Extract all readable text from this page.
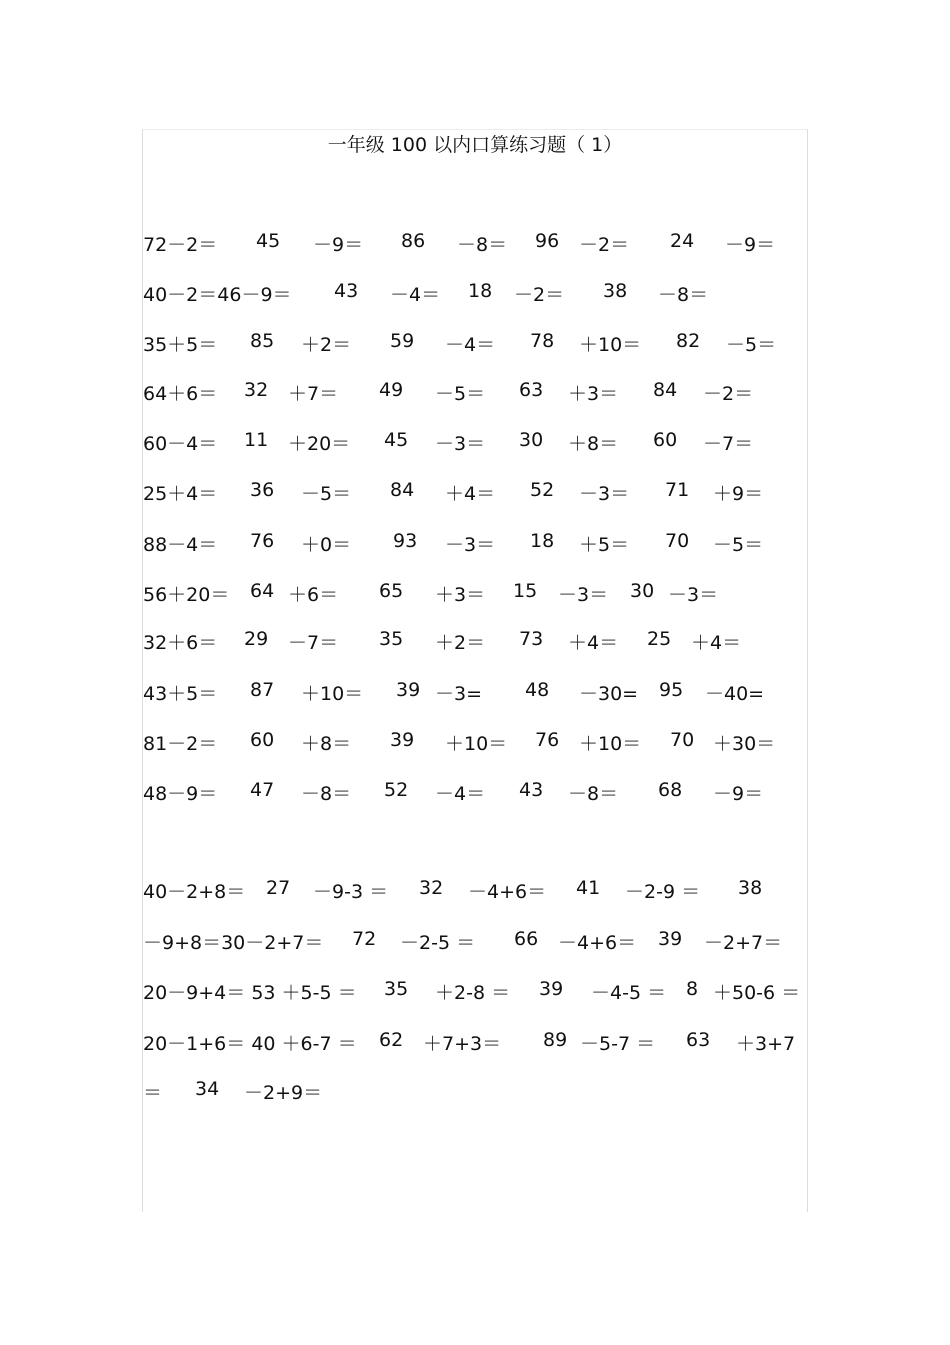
一年级 100 以内口算练习题（ 1）
72－2＝ 45 －9＝ 86 －8＝ 96 －2＝ 24 －9＝
40－2＝46－9＝ 43 －4＝ 18 －2＝ 38 －8＝
35＋5＝ 85 ＋2＝ 59 －4＝ 78 ＋10＝ 82 －5＝
64＋6＝ 32 ＋7＝ 49 －5＝ 63 ＋3＝ 84 －2＝
60－4＝ 11 ＋20＝ 45 －3＝ 30 ＋8＝ 60 －7＝
25＋4＝ 36 －5＝ 84 ＋4＝ 52 －3＝ 71 ＋9＝
88－4＝ 76 ＋0＝ 93 －3＝ 18 ＋5＝ 70 －5＝
56＋20＝ 64 ＋6＝ 65 ＋3＝ 15 －3＝ 30 －3＝
32＋6＝ 29 －7＝ 35 ＋2＝ 73 ＋4＝ 25 ＋4＝
43＋5＝ 87 ＋10＝ 39 －3= 48 －30= 95 －40=
81－2＝ 60 ＋8＝ 39 ＋10＝ 76 ＋10＝ 70 ＋30＝
48－9＝ 47 －8＝ 52 －4＝ 43 －8＝ 68 －9＝
40－2+8＝ 27 －9-3 ＝ 32 －4+6＝ 41 －2-9 ＝ 38
－9+8＝30－2+7＝ 72 －2-5 ＝ 66 －4+6＝ 39 －2+7＝
20－9+4＝ 53 ＋5-5 ＝ 35 ＋2-8 ＝ 39 －4-5 ＝ 8 ＋50-6 ＝
20－1+6＝ 40 ＋6-7 ＝ 62 ＋7+3＝ 89 －5-7 ＝ 63 ＋3+7
＝ 34 －2+9＝
